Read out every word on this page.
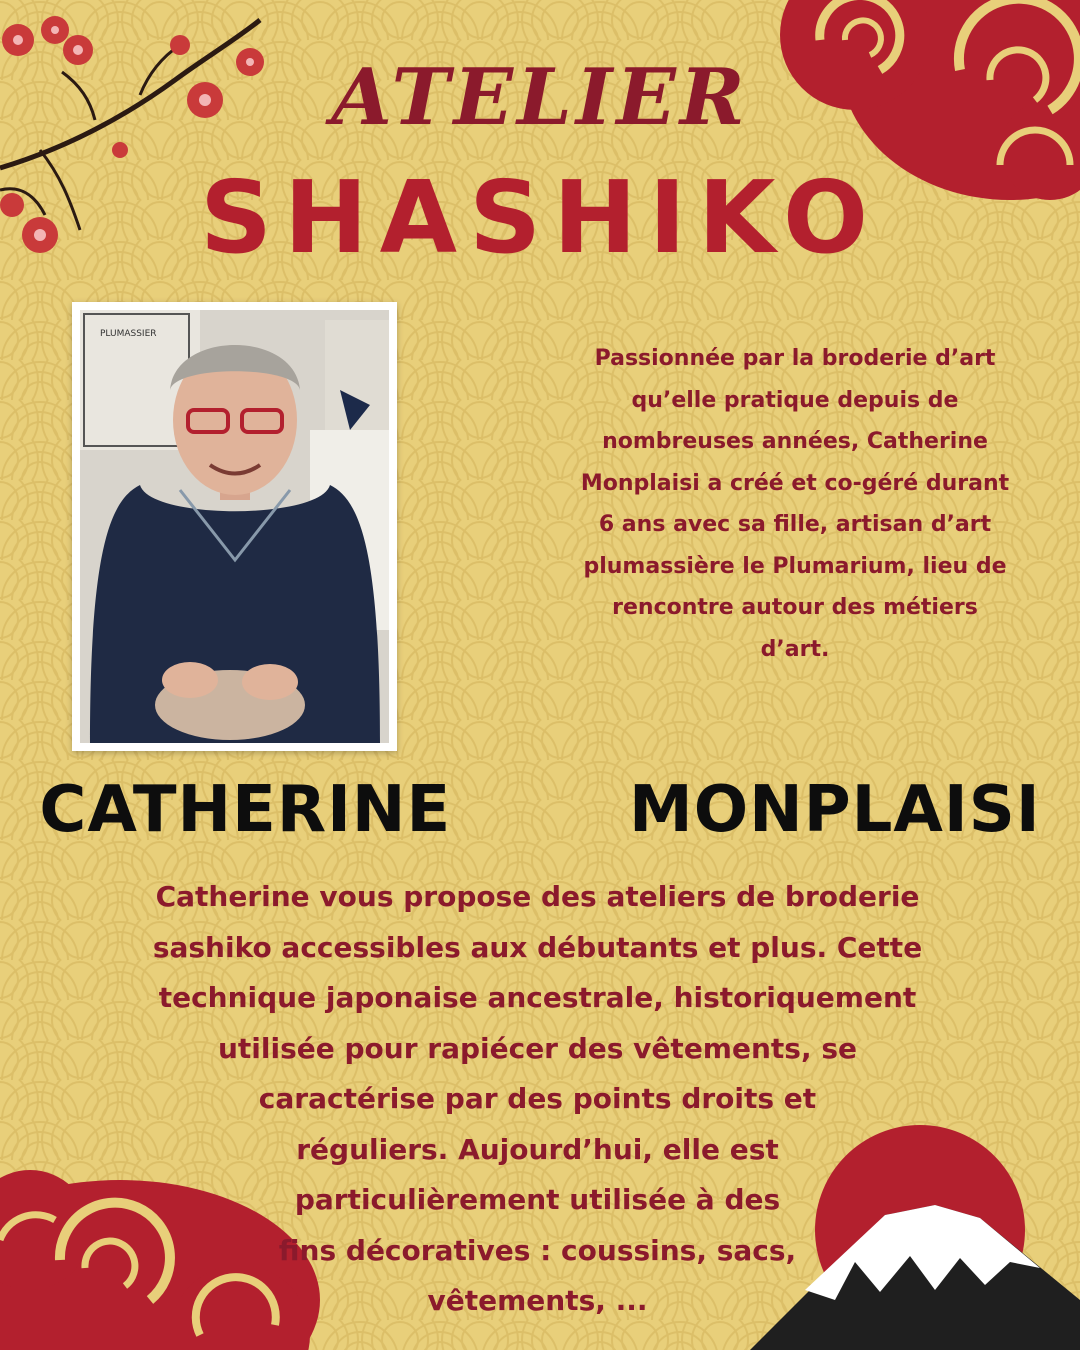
ATELIER
SHASHIKO
PLUMASSIER
Passionnée par la broderie d’art
qu’elle pratique depuis de
nombreuses années, Catherine
Monplaisi a créé et co-géré durant
6 ans avec sa fille, artisan d’art
plumassière le Plumarium, lieu de
rencontre autour des métiers
d’art.
CATHERINE   MONPLAISI
Catherine vous propose des ateliers de broderie
sashiko accessibles aux débutants et plus. Cette
technique japonaise ancestrale, historiquement
utilisée pour rapiécer des vêtements, se
caractérise par des points droits et
réguliers. Aujourd’hui, elle est
particulièrement utilisée à des
fins décoratives : coussins, sacs,
vêtements, ...
